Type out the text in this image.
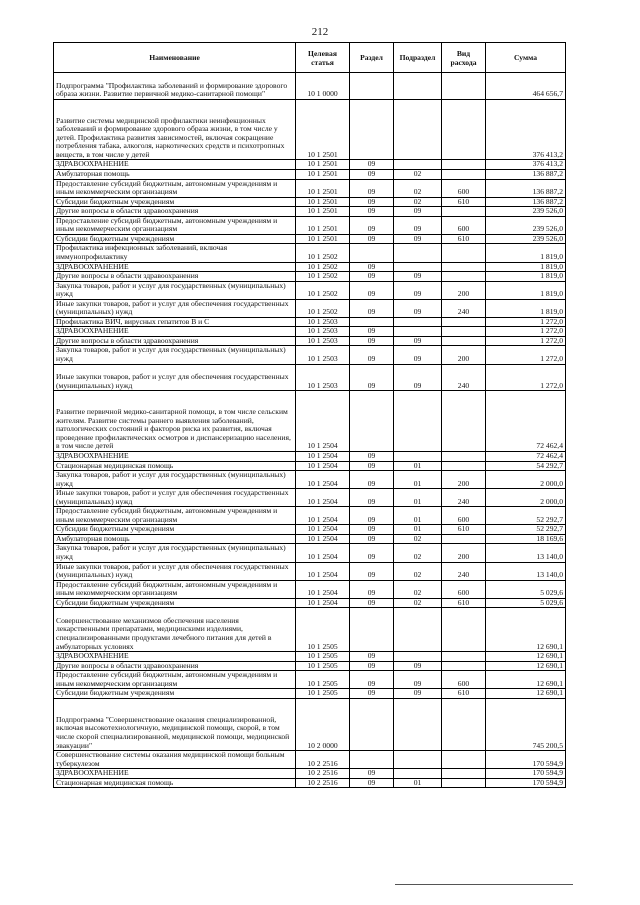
212
Наименование	Целевая статья	Раздел	Подраздел	Вид расхода	Сумма
Подпрограмма "Профилактика заболеваний и формирование здорового образа жизни. Развитие первичной медико-санитарной помощи"	10 1 0000				464 656,7
Развитие системы медицинской профилактики неинфекционных заболеваний и формирование здорового образа жизни, в том числе у детей. Профилактика развития зависимостей, включая сокращение потребления табака, алкоголя, наркотических средств и психотропных веществ, в том числе у детей	10 1 2501				376 413,2
ЗДРАВООХРАНЕНИЕ	10 1 2501	09			376 413,2
Амбулаторная помощь	10 1 2501	09	02		136 887,2
Предоставление субсидий бюджетным, автономным учреждениям и иным некоммерческим организациям	10 1 2501	09	02	600	136 887,2
Субсидии бюджетным учреждениям	10 1 2501	09	02	610	136 887,2
Другие вопросы в области здравоохранения	10 1 2501	09	09		239 526,0
Предоставление субсидий бюджетным, автономным учреждениям и иным некоммерческим организациям	10 1 2501	09	09	600	239 526,0
Субсидии бюджетным учреждениям	10 1 2501	09	09	610	239 526,0
Профилактика инфекционных заболеваний, включая иммунопрофилактику	10 1 2502				1 819,0
ЗДРАВООХРАНЕНИЕ	10 1 2502	09			1 819,0
Другие вопросы в области здравоохранения	10 1 2502	09	09		1 819,0
Закупка товаров, работ и услуг для государственных (муниципальных) нужд	10 1 2502	09	09	200	1 819,0
Иные закупки товаров, работ и услуг для обеспечения государственных (муниципальных) нужд	10 1 2502	09	09	240	1 819,0
Профилактика ВИЧ, вирусных гепатитов В и С	10 1 2503				1 272,0
ЗДРАВООХРАНЕНИЕ	10 1 2503	09			1 272,0
Другие вопросы в области здравоохранения	10 1 2503	09	09		1 272,0
Закупка товаров, работ и услуг для государственных (муниципальных) нужд	10 1 2503	09	09	200	1 272,0
Иные закупки товаров, работ и услуг для обеспечения государственных (муниципальных) нужд	10 1 2503	09	09	240	1 272,0
Развитие первичной медико-санитарной помощи, в том числе сельским жителям. Развитие системы раннего выявления заболеваний, патологических состояний и факторов риска их развития, включая проведение профилактических осмотров и диспансеризацию населения, в том числе детей	10 1 2504				72 462,4
ЗДРАВООХРАНЕНИЕ	10 1 2504	09			72 462,4
Стационарная медицинская помощь	10 1 2504	09	01		54 292,7
Закупка товаров, работ и услуг для государственных (муниципальных) нужд	10 1 2504	09	01	200	2 000,0
Иные закупки товаров, работ и услуг для обеспечения государственных (муниципальных) нужд	10 1 2504	09	01	240	2 000,0
Предоставление субсидий бюджетным, автономным учреждениям и иным некоммерческим организациям	10 1 2504	09	01	600	52 292,7
Субсидии бюджетным учреждениям	10 1 2504	09	01	610	52 292,7
Амбулаторная помощь	10 1 2504	09	02		18 169,6
Закупка товаров, работ и услуг для государственных (муниципальных) нужд	10 1 2504	09	02	200	13 140,0
Иные закупки товаров, работ и услуг для обеспечения государственных (муниципальных) нужд	10 1 2504	09	02	240	13 140,0
Предоставление субсидий бюджетным, автономным учреждениям и иным некоммерческим организациям	10 1 2504	09	02	600	5 029,6
Субсидии бюджетным учреждениям	10 1 2504	09	02	610	5 029,6
Совершенствование механизмов обеспечения населения лекарственными препаратами, медицинскими изделиями, специализированными продуктами лечебного питания для детей в амбулаторных условиях	10 1 2505				12 690,1
ЗДРАВООХРАНЕНИЕ	10 1 2505	09			12 690,1
Другие вопросы в области здравоохранения	10 1 2505	09	09		12 690,1
Предоставление субсидий бюджетным, автономным учреждениям и иным некоммерческим организациям	10 1 2505	09	09	600	12 690,1
Субсидии бюджетным учреждениям	10 1 2505	09	09	610	12 690,1
Подпрограмма "Совершенствование оказания специализированной, включая высокотехнологичную, медицинской помощи, скорой, в том числе скорой специализированной, медицинской помощи, медицинской эвакуации"	10 2 0000				745 200,5
Совершенствование системы оказания медицинской помощи больным туберкулезом	10 2 2516				170 594,9
ЗДРАВООХРАНЕНИЕ	10 2 2516	09			170 594,9
Стационарная медицинская помощь	10 2 2516	09	01		170 594,9
